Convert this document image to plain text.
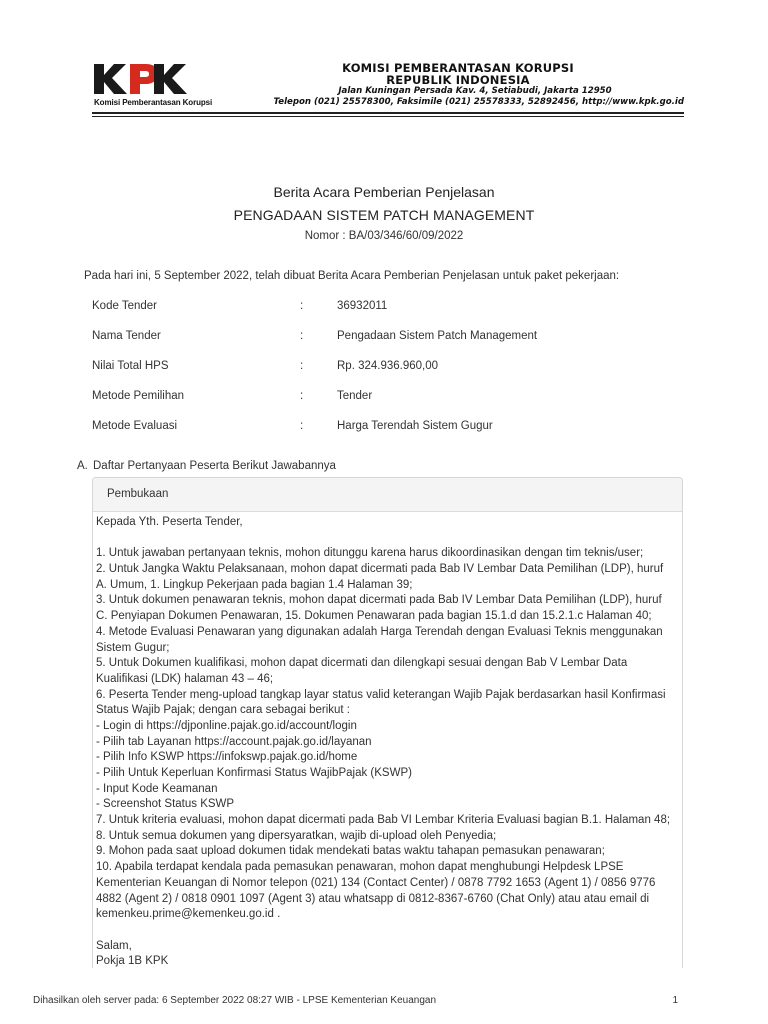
Komisi Pemberantasan Korupsi
KOMISI PEMBERANTASAN KORUPSI
REPUBLIK INDONESIA
Jalan Kuningan Persada Kav. 4, Setiabudi, Jakarta 12950
Telepon (021) 25578300, Faksimile (021) 25578333, 52892456, http://www.kpk.go.id
Berita Acara Pemberian Penjelasan
PENGADAAN SISTEM PATCH MANAGEMENT
Nomor : BA/03/346/60/09/2022
Pada hari ini, 5 September 2022, telah dibuat Berita Acara Pemberian Penjelasan untuk paket pekerjaan:
Kode Tender	:	36932011
Nama Tender	:	Pengadaan Sistem Patch Management
Nilai Total HPS	:	Rp. 324.936.960,00
Metode Pemilihan	:	Tender
Metode Evaluasi	:	Harga Terendah Sistem Gugur
A. Daftar Pertanyaan Peserta Berikut Jawabannya
Pembukaan
Kepada Yth. Peserta Tender,
1. Untuk jawaban pertanyaan teknis, mohon ditunggu karena harus dikoordinasikan dengan tim teknis/user;
2. Untuk Jangka Waktu Pelaksanaan, mohon dapat dicermati pada Bab IV Lembar Data Pemilihan (LDP), huruf
A. Umum, 1. Lingkup Pekerjaan pada bagian 1.4 Halaman 39;
3. Untuk dokumen penawaran teknis, mohon dapat dicermati pada Bab IV Lembar Data Pemilihan (LDP), huruf
C. Penyiapan Dokumen Penawaran, 15. Dokumen Penawaran pada bagian 15.1.d dan 15.2.1.c Halaman 40;
4. Metode Evaluasi Penawaran yang digunakan adalah Harga Terendah dengan Evaluasi Teknis menggunakan
Sistem Gugur;
5. Untuk Dokumen kualifikasi, mohon dapat dicermati dan dilengkapi sesuai dengan Bab V Lembar Data
Kualifikasi (LDK) halaman 43 – 46;
6. Peserta Tender meng-upload tangkap layar status valid keterangan Wajib Pajak berdasarkan hasil Konfirmasi
Status Wajib Pajak; dengan cara sebagai berikut :
- Login di https://djponline.pajak.go.id/account/login
- Pilih tab Layanan https://account.pajak.go.id/layanan
- Pilih Info KSWP https://infokswp.pajak.go.id/home
- Pilih Untuk Keperluan Konfirmasi Status WajibPajak (KSWP)
- Input Kode Keamanan
- Screenshot Status KSWP
7. Untuk kriteria evaluasi, mohon dapat dicermati pada Bab VI Lembar Kriteria Evaluasi bagian B.1. Halaman 48;
8. Untuk semua dokumen yang dipersyaratkan, wajib di-upload oleh Penyedia;
9. Mohon pada saat upload dokumen tidak mendekati batas waktu tahapan pemasukan penawaran;
10. Apabila terdapat kendala pada pemasukan penawaran, mohon dapat menghubungi Helpdesk LPSE
Kementerian Keuangan di Nomor telepon (021) 134 (Contact Center) / 0878 7792 1653 (Agent 1) / 0856 9776
4882 (Agent 2) / 0818 0901 1097 (Agent 3) atau whatsapp di 0812-8367-6760 (Chat Only) atau atau email di
kemenkeu.prime@kemenkeu.go.id .
Salam,
Pokja 1B KPK
Dihasilkan oleh server pada: 6 September 2022 08:27 WIB - LPSE Kementerian Keuangan	1
